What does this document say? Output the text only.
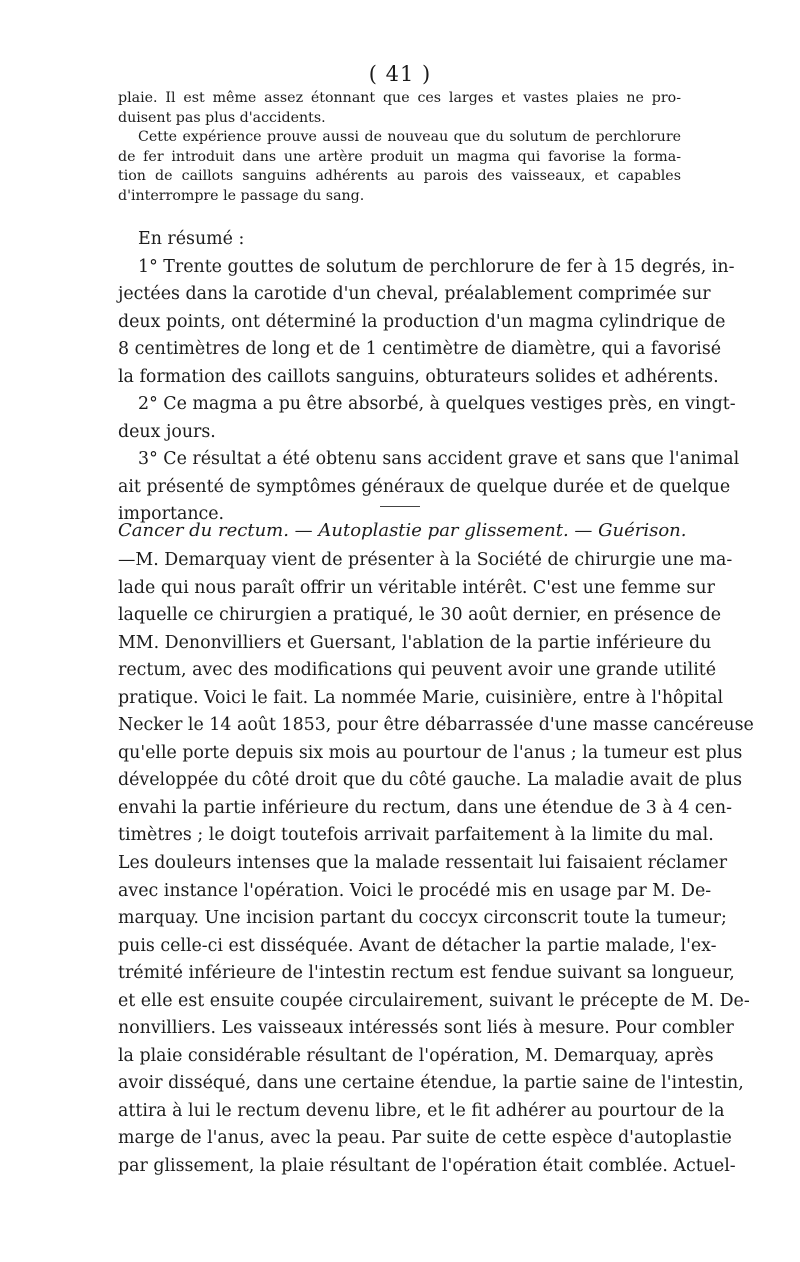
( 41 )
plaie. Il est même assez étonnant que ces larges et vastes plaies ne pro-
duisent pas plus d'accidents.
Cette expérience prouve aussi de nouveau que du solutum de perchlorure
de fer introduit dans une artère produit un magma qui favorise la forma-
tion de caillots sanguins adhérents au parois des vaisseaux, et capables
d'interrompre le passage du sang.
En résumé :
1° Trente gouttes de solutum de perchlorure de fer à 15 degrés, in-
jectées dans la carotide d'un cheval, préalablement comprimée sur
deux points, ont déterminé la production d'un magma cylindrique de
8 centimètres de long et de 1 centimètre de diamètre, qui a favorisé
la formation des caillots sanguins, obturateurs solides et adhérents.
2° Ce magma a pu être absorbé, à quelques vestiges près, en vingt-
deux jours.
3° Ce résultat a été obtenu sans accident grave et sans que l'animal
ait présenté de symptômes généraux de quelque durée et de quelque
importance.
Cancer du rectum. — Autoplastie par glissement. — Guérison.
—M. Demarquay vient de présenter à la Société de chirurgie une ma-
lade qui nous paraît offrir un véritable intérêt. C'est une femme sur
laquelle ce chirurgien a pratiqué, le 30 août dernier, en présence de
MM. Denonvilliers et Guersant, l'ablation de la partie inférieure du
rectum, avec des modifications qui peuvent avoir une grande utilité
pratique. Voici le fait. La nommée Marie, cuisinière, entre à l'hôpital
Necker le 14 août 1853, pour être débarrassée d'une masse cancéreuse
qu'elle porte depuis six mois au pourtour de l'anus ; la tumeur est plus
développée du côté droit que du côté gauche. La maladie avait de plus
envahi la partie inférieure du rectum, dans une étendue de 3 à 4 cen-
timètres ; le doigt toutefois arrivait parfaitement à la limite du mal.
Les douleurs intenses que la malade ressentait lui faisaient réclamer
avec instance l'opération. Voici le procédé mis en usage par M. De-
marquay. Une incision partant du coccyx circonscrit toute la tumeur;
puis celle-ci est disséquée. Avant de détacher la partie malade, l'ex-
trémité inférieure de l'intestin rectum est fendue suivant sa longueur,
et elle est ensuite coupée circulairement, suivant le précepte de M. De-
nonvilliers. Les vaisseaux intéressés sont liés à mesure. Pour combler
la plaie considérable résultant de l'opération, M. Demarquay, après
avoir disséqué, dans une certaine étendue, la partie saine de l'intestin,
attira à lui le rectum devenu libre, et le fit adhérer au pourtour de la
marge de l'anus, avec la peau. Par suite de cette espèce d'autoplastie
par glissement, la plaie résultant de l'opération était comblée. Actuel-
